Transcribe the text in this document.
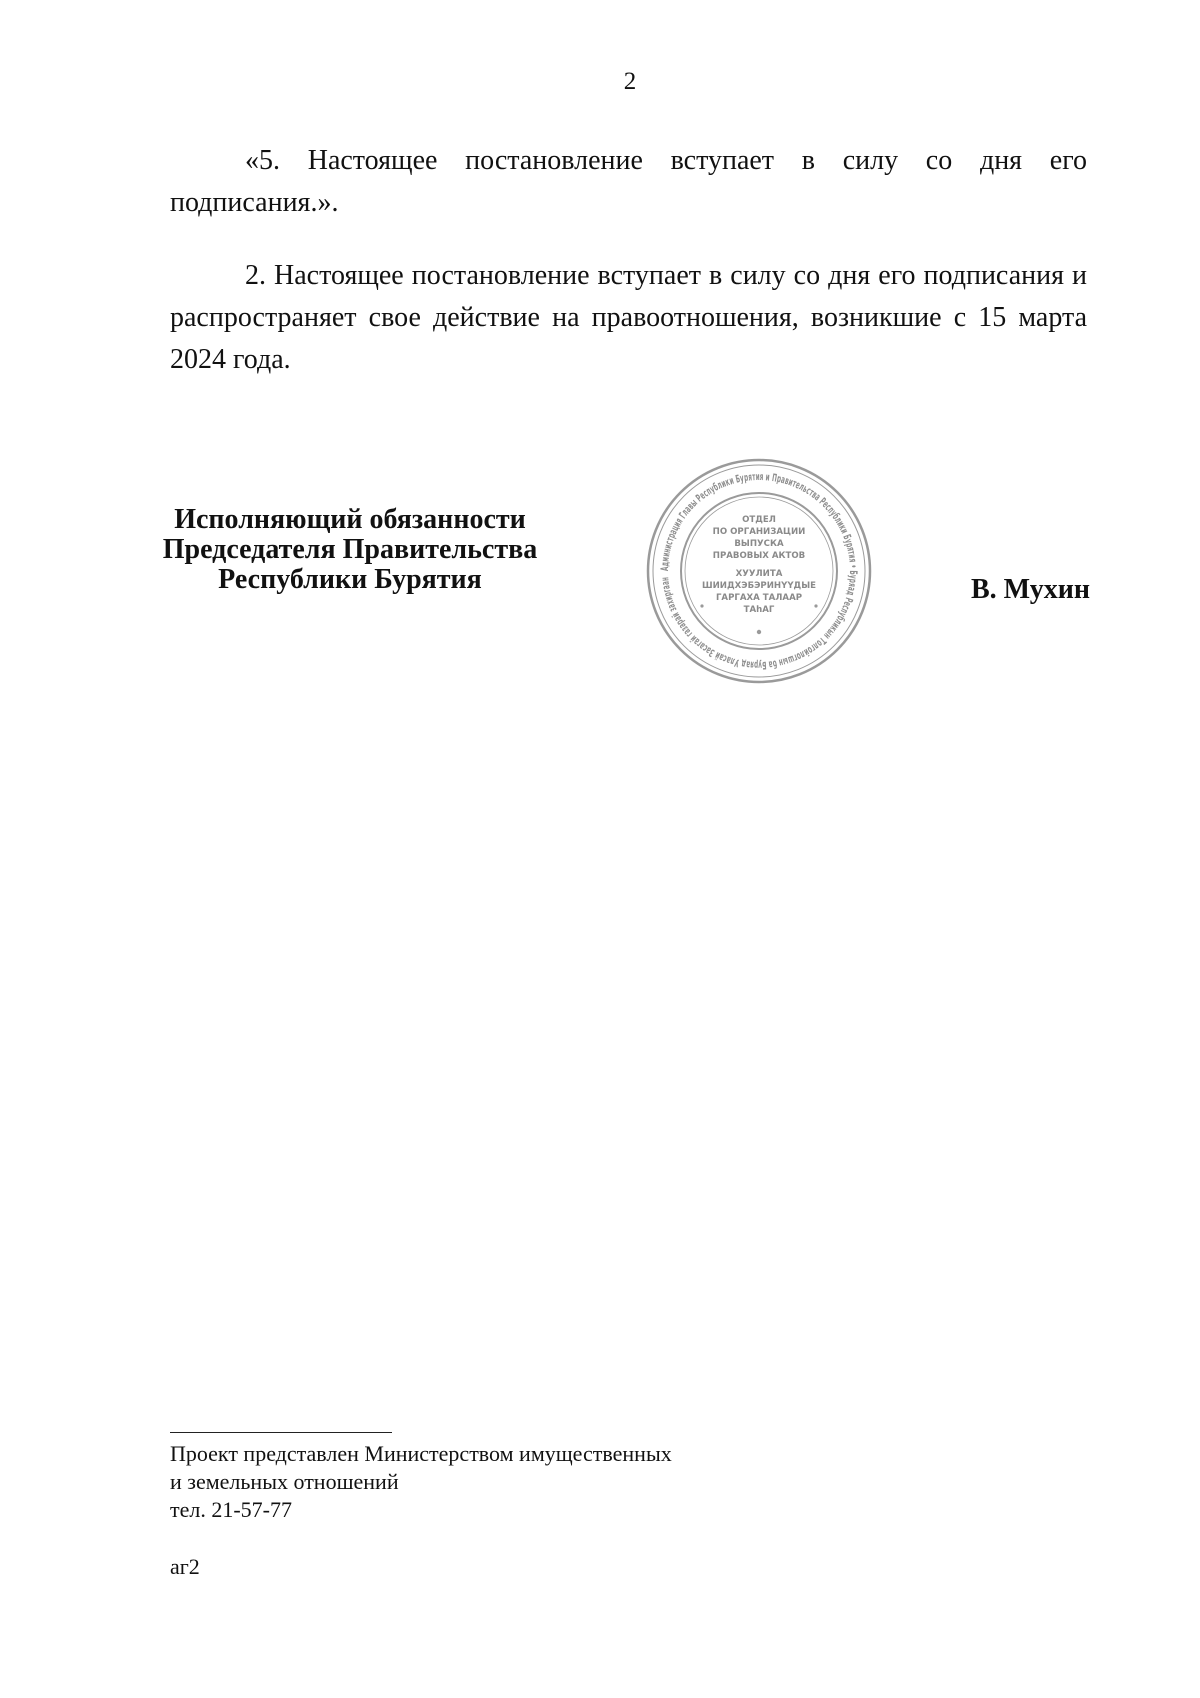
2

«5. Настоящее постановление вступает в силу со дня его подписания.».

2. Настоящее постановление вступает в силу со дня его подписания и распространяет свое действие на правоотношения, возникшие с 15 марта 2024 года.

Исполняющий обязанности
Председателя Правительства
Республики Бурятия	Администрация Главы Республики Бурятия и Правительства Республики Бурятия • Буряад Республикын Толгойлогшын ба Буряад Уласай Засагай газарай захиргаан
ОТДЕЛ
ПО ОРГАНИЗАЦИИ
ВЫПУСКА
ПРАВОВЫХ АКТОВ
ХУУЛИТА
ШИИДХЭБЭРИНҮҮДЫЕ
ГАРГАХА ТАЛААР
ТАһАГ
В. Мухин
Проект представлен Министерством имущественных
и земельных отношений
тел. 21-57-77
аг2
